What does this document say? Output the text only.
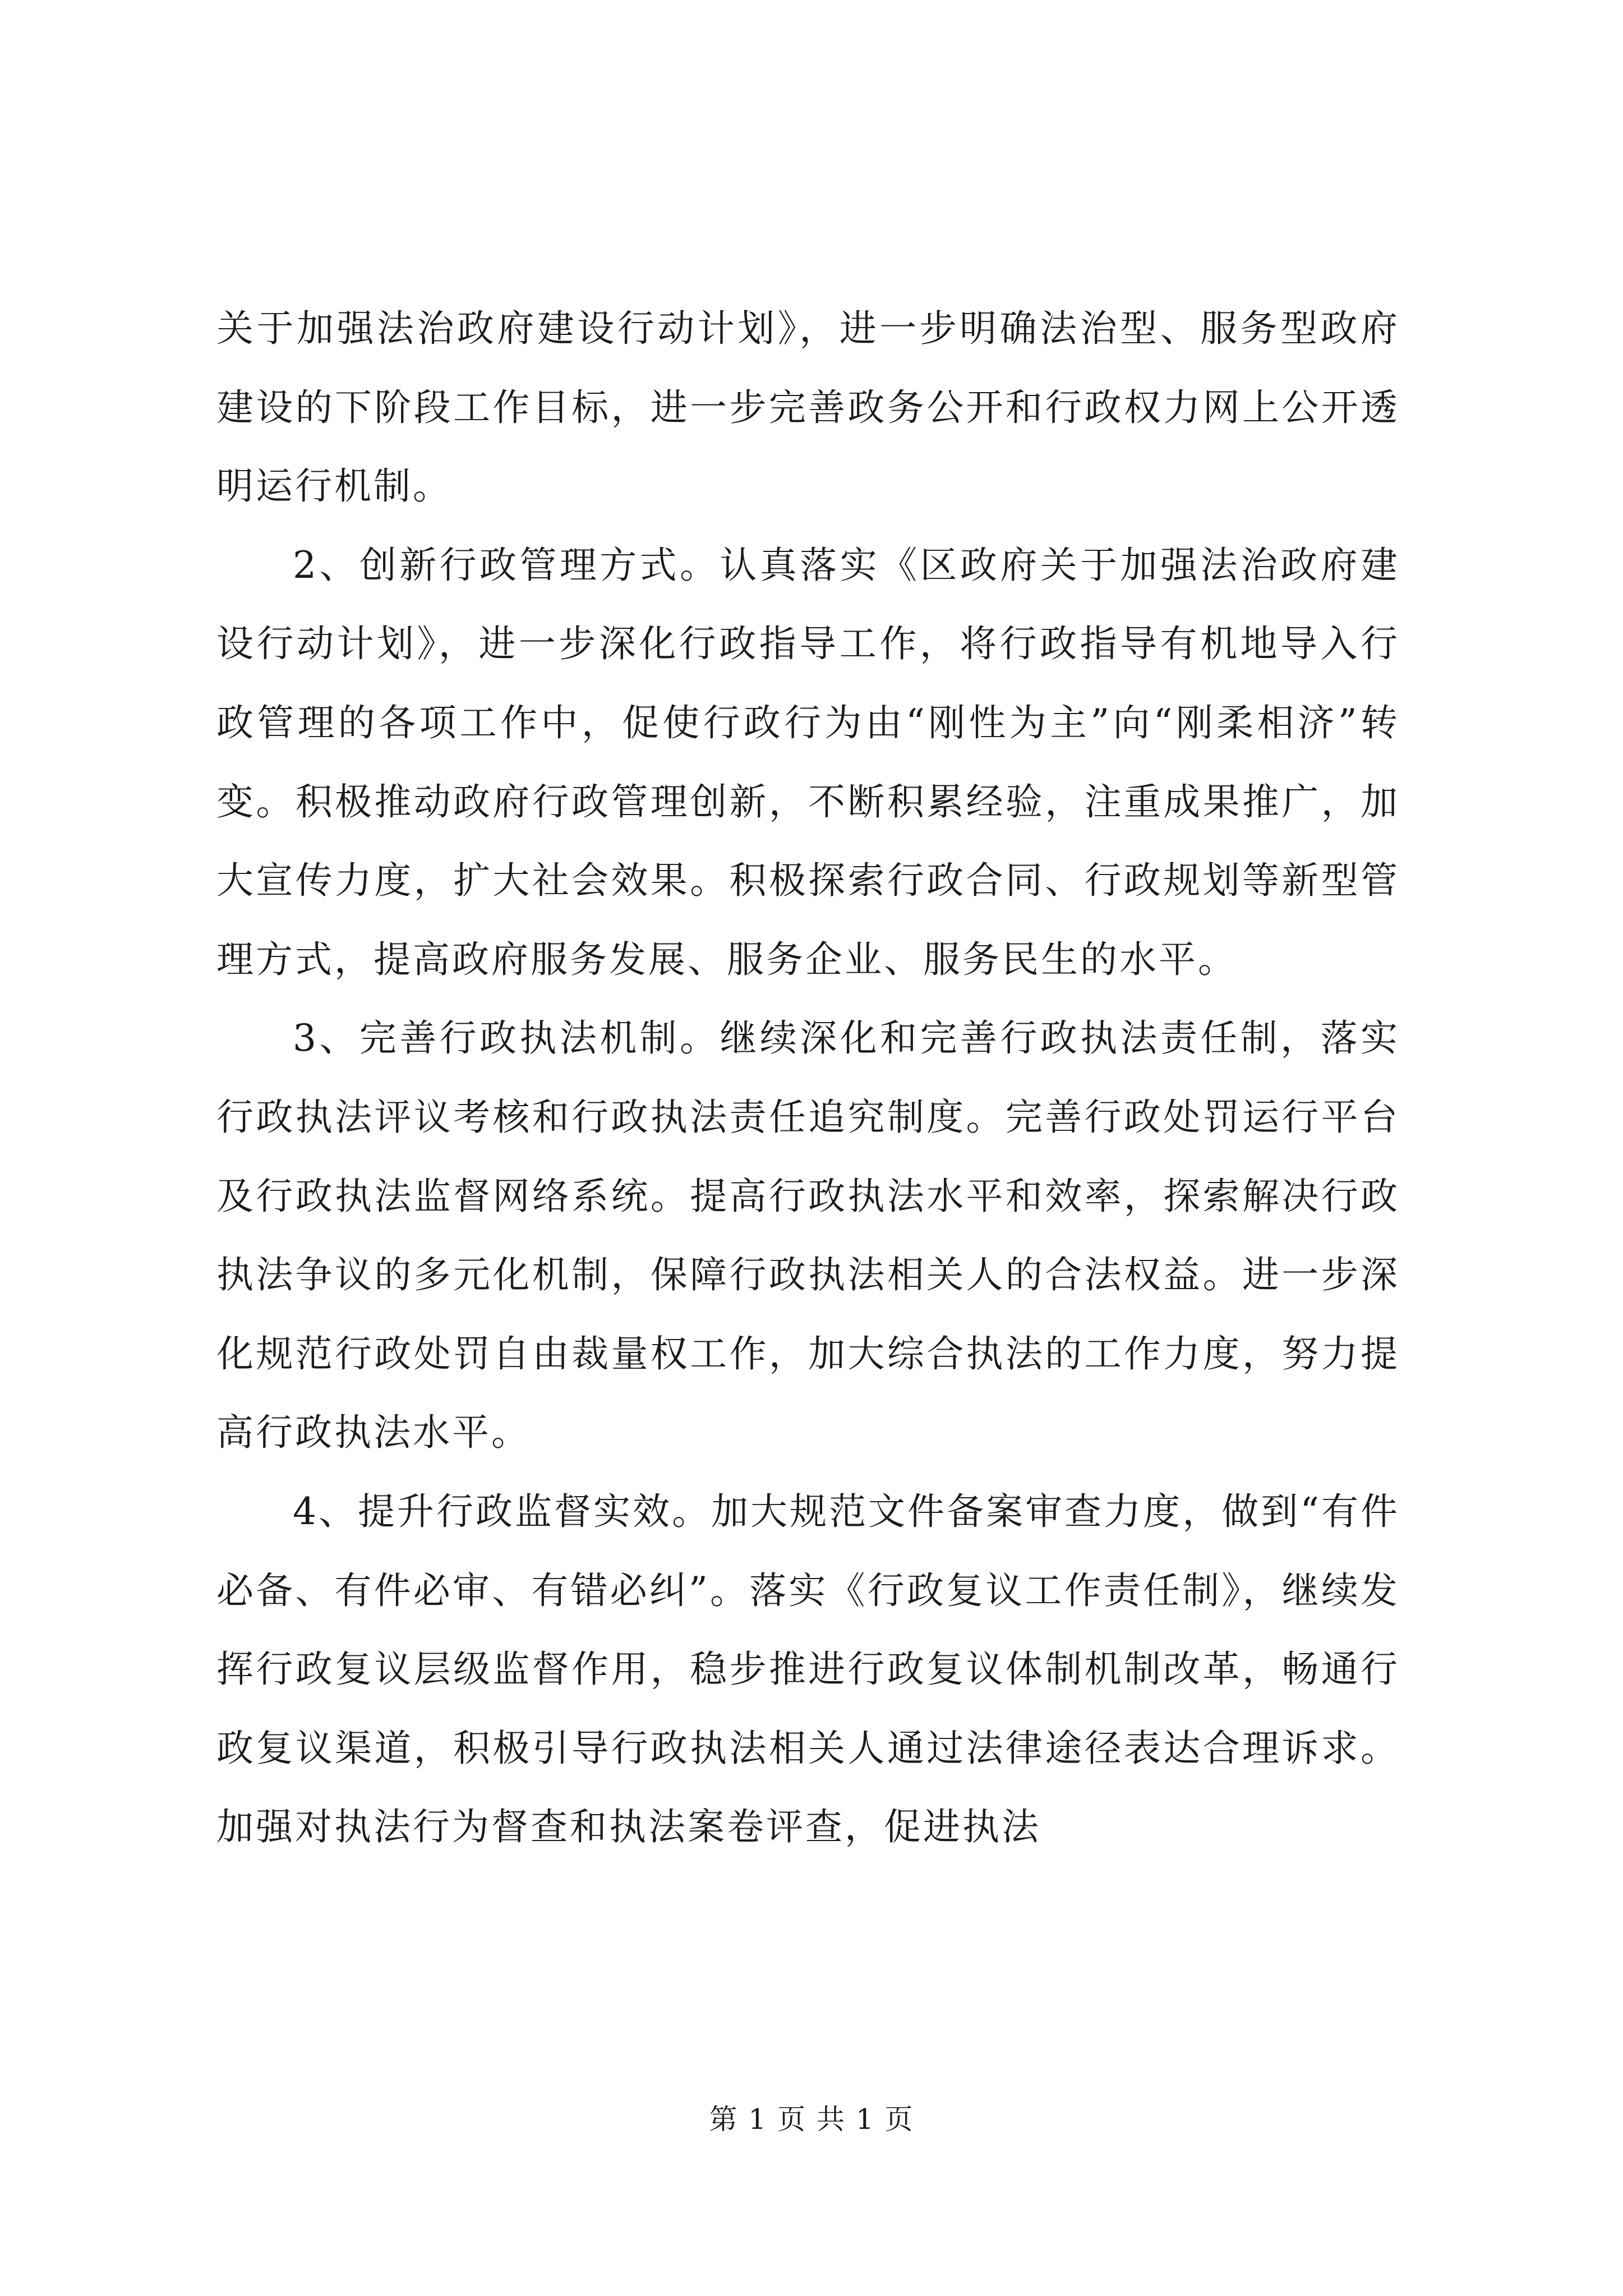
关于加强法治政府建设行动计划》，进一步明确法治型、服务型政府建设的下阶段工作目标，进一步完善政务公开和行政权力网上公开透明运行机制。

2、创新行政管理方式。认真落实《区政府关于加强法治政府建设行动计划》，进一步深化行政指导工作，将行政指导有机地导入行政管理的各项工作中，促使行政行为由“刚性为主”向“刚柔相济”转变。积极推动政府行政管理创新，不断积累经验，注重成果推广，加大宣传力度，扩大社会效果。积极探索行政合同、行政规划等新型管理方式，提高政府服务发展、服务企业、服务民生的水平。

3、完善行政执法机制。继续深化和完善行政执法责任制，落实行政执法评议考核和行政执法责任追究制度。完善行政处罚运行平台及行政执法监督网络系统。提高行政执法水平和效率，探索解决行政执法争议的多元化机制，保障行政执法相关人的合法权益。进一步深化规范行政处罚自由裁量权工作，加大综合执法的工作力度，努力提高行政执法水平。

4、提升行政监督实效。加大规范文件备案审查力度，做到“有件必备、有件必审、有错必纠”。落实《行政复议工作责任制》，继续发挥行政复议层级监督作用，稳步推进行政复议体制机制改革，畅通行政复议渠道，积极引导行政执法相关人通过法律途径表达合理诉求。加强对执法行为督查和执法案卷评查，促进执法

第 1 页 共 1 页
